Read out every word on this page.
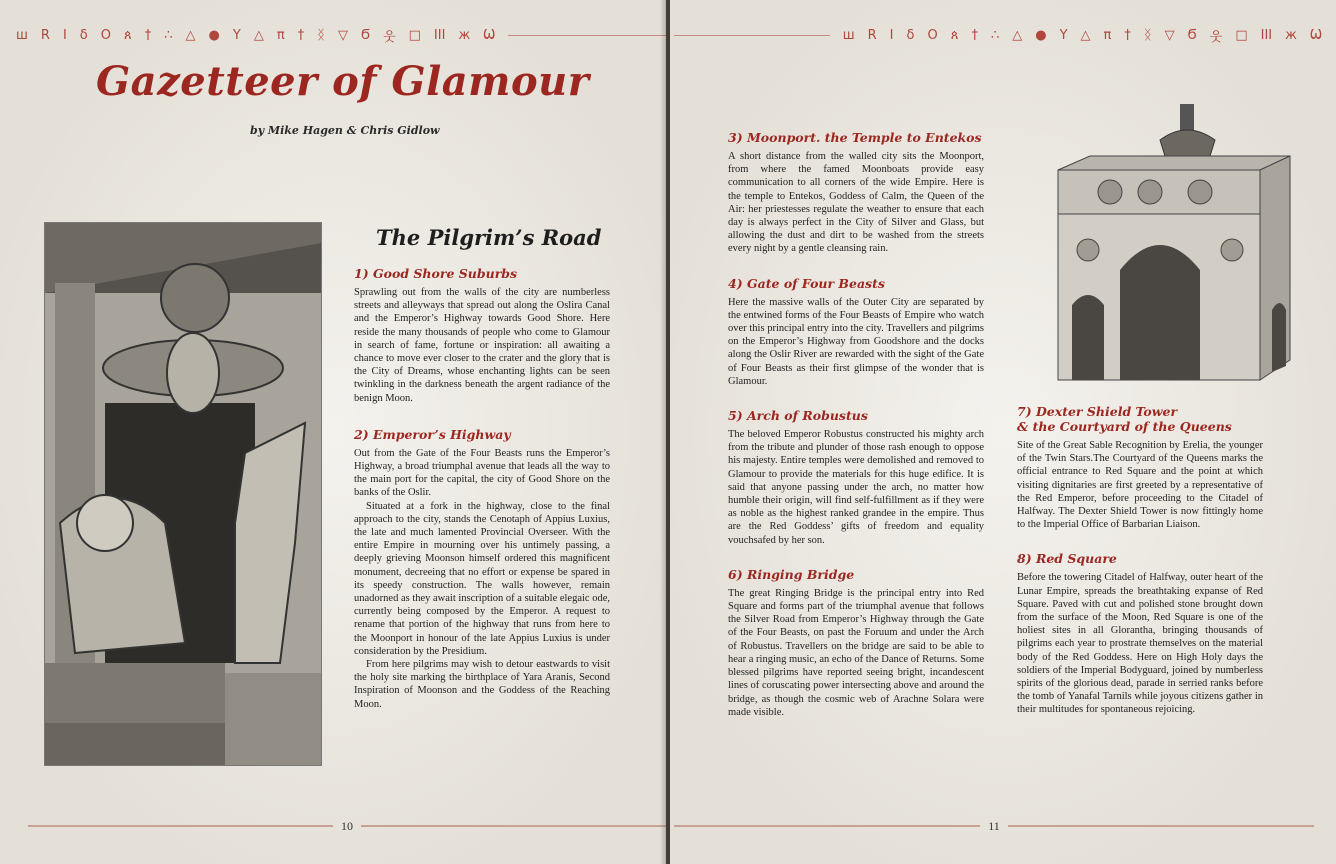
ш R I δ O ጰ † ∴ △ ● Y △ π † ᛝ ▽ Ϭ 웃 □ III ж Ѡ
Gazetteer of Glamour
by Mike Hagen & Chris Gidlow
The Pilgrim’s Road
1) Good Shore Suburbs

Sprawling out from the walls of the city are numberless streets and alleyways that spread out along the Oslira Canal and the Emperor’s Highway towards Good Shore. Here reside the many thousands of people who come to Glamour in search of fame, fortune or inspiration: all awaiting a chance to move ever closer to the crater and the glory that is the City of Dreams, whose enchanting lights can be seen twinkling in the darkness beneath the argent radiance of the benign Moon.

2) Emperor’s Highway

Out from the Gate of the Four Beasts runs the Emperor’s Highway, a broad triumphal avenue that leads all the way to the main port for the capital, the city of Good Shore on the banks of the Oslir.

Situated at a fork in the highway, close to the final approach to the city, stands the Cenotaph of Appius Luxius, the late and much lamented Provincial Overseer. With the entire Empire in mourning over his untimely passing, a deeply grieving Moonson himself ordered this magnificent monument, decreeing that no effort or expense be spared in its speedy construction. The walls however, remain unadorned as they await inscription of a suitable elegaic ode, currently being composed by the Emperor. A request to rename that portion of the highway that runs from here to the Moonport in honour of the late Appius Luxius is under consideration by the Presidium.

From here pilgrims may wish to detour eastwards to visit the holy site marking the birthplace of Yara Aranis, Second Inspiration of Moonson and the Goddess of the Reaching Moon.

10
ш R I δ O ጰ † ∴ △ ● Y △ π † ᛝ ▽ Ϭ 웃 □ III ж Ѡ
3) Moonport. the Temple to Entekos

A short distance from the walled city sits the Moonport, from where the famed Moonboats provide easy communication to all corners of the wide Empire. Here is the temple to Entekos, Goddess of Calm, the Queen of the Air: her priestesses regulate the weather to ensure that each day is always perfect in the City of Silver and Glass, but allowing the dust and dirt to be washed from the streets every night by a gentle cleansing rain.

4) Gate of Four Beasts

Here the massive walls of the Outer City are separated by the entwined forms of the Four Beasts of Empire who watch over this principal entry into the city. Travellers and pilgrims on the Emperor’s Highway from Goodshore and the docks along the Oslir River are rewarded with the sight of the Gate of Four Beasts as their first glimpse of the wonder that is Glamour.

5) Arch of Robustus

The beloved Emperor Robustus constructed his mighty arch from the tribute and plunder of those rash enough to oppose his majesty. Entire temples were demolished and removed to Glamour to provide the materials for this huge edifice. It is said that anyone passing under the arch, no matter how humble their origin, will find self-fulfillment as if they were as noble as the highest ranked grandee in the empire. Thus are the Red Goddess’ gifts of freedom and equality vouchsafed by her son.

6) Ringing Bridge

The great Ringing Bridge is the principal entry into Red Square and forms part of the triumphal avenue that follows the Silver Road from Emperor’s Highway through the Gate of the Four Beasts, on past the Foruum and under the Arch of Robustus. Travellers on the bridge are said to be able to hear a ringing music, an echo of the Dance of Returns. Some blessed pilgrims have reported seeing bright, incandescent lines of coruscating power intersecting above and around the bridge, as though the cosmic web of Arachne Solara were made visible.

7) Dexter Shield Tower
& the Courtyard of the Queens

Site of the Great Sable Recognition by Erelia, the younger of the Twin Stars.The Courtyard of the Queens marks the official entrance to Red Square and the point at which visiting dignitaries are first greeted by a representative of the Red Emperor, before proceeding to the Citadel of Halfway. The Dexter Shield Tower is now fittingly home to the Imperial Office of Barbarian Liaison.

8) Red Square

Before the towering Citadel of Halfway, outer heart of the Lunar Empire, spreads the breathtaking expanse of Red Square. Paved with cut and polished stone brought down from the surface of the Moon, Red Square is one of the holiest sites in all Glorantha, bringing thousands of pilgrims each year to prostrate themselves on the material body of the Red Goddess. Here on High Holy days the soldiers of the Imperial Bodyguard, joined by numberless spirits of the glorious dead, parade in serried ranks before the tomb of Yanafal Tarnils while joyous citizens gather in their multitudes for spontaneous rejoicing.

11
